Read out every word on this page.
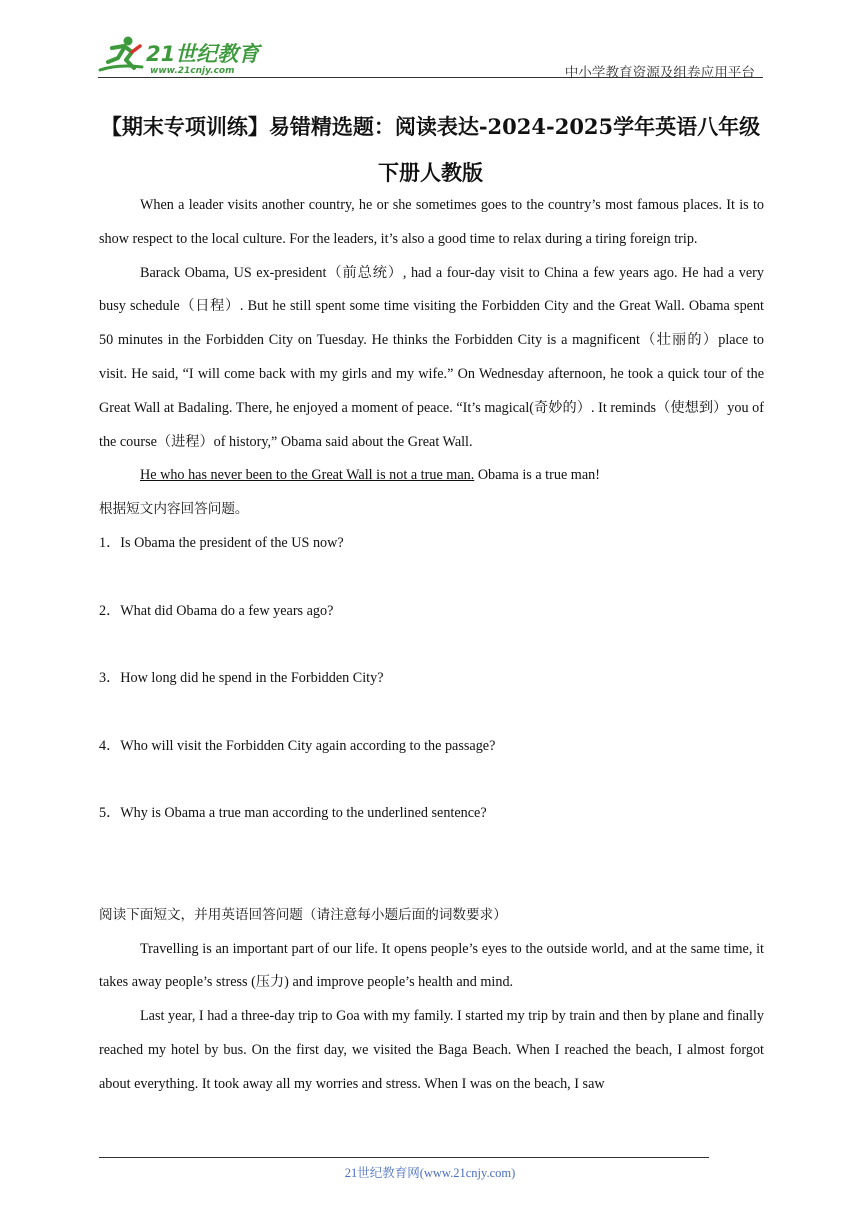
21世纪教育
www.21cnjy.com	中小学教育资源及组卷应用平台
【期末专项训练】易错精选题：阅读表达-2024-2025学年英语八年级
下册人教版

When a leader visits another country, he or she sometimes goes to the country’s most famous places. It is to show respect to the local culture. For the leaders, it’s also a good time to relax during a tiring foreign trip.

Barack Obama, US ex-president（前总统）, had a four-day visit to China a few years ago. He had a very busy schedule（日程）. But he still spent some time visiting the Forbidden City and the Great Wall. Obama spent 50 minutes in the Forbidden City on Tuesday. He thinks the Forbidden City is a magnificent（壮丽的）place to visit. He said, “I will come back with my girls and my wife.” On Wednesday afternoon, he took a quick tour of the Great Wall at Badaling. There, he enjoyed a moment of peace. “It’s magical(奇妙的）. It reminds（使想到）you of the course（进程）of history,” Obama said about the Great Wall.

He who has never been to the Great Wall is not a true man. Obama is a true man!

根据短文内容回答问题。

1．Is Obama the president of the US now?

2．What did Obama do a few years ago?

3．How long did he spend in the Forbidden City?

4．Who will visit the Forbidden City again according to the passage?

5．Why is Obama a true man according to the underlined sentence?

阅读下面短文，并用英语回答问题（请注意每小题后面的词数要求）

Travelling is an important part of our life. It opens people’s eyes to the outside world, and at the same time, it takes away people’s stress (压力) and improve people’s health and mind.

Last year, I had a three-day trip to Goa with my family. I started my trip by train and then by plane and finally reached my hotel by bus. On the first day, we visited the Baga Beach. When I reached the beach, I almost forgot about everything. It took away all my worries and stress. When I was on the beach, I saw

21世纪教育网(www.21cnjy.com)
